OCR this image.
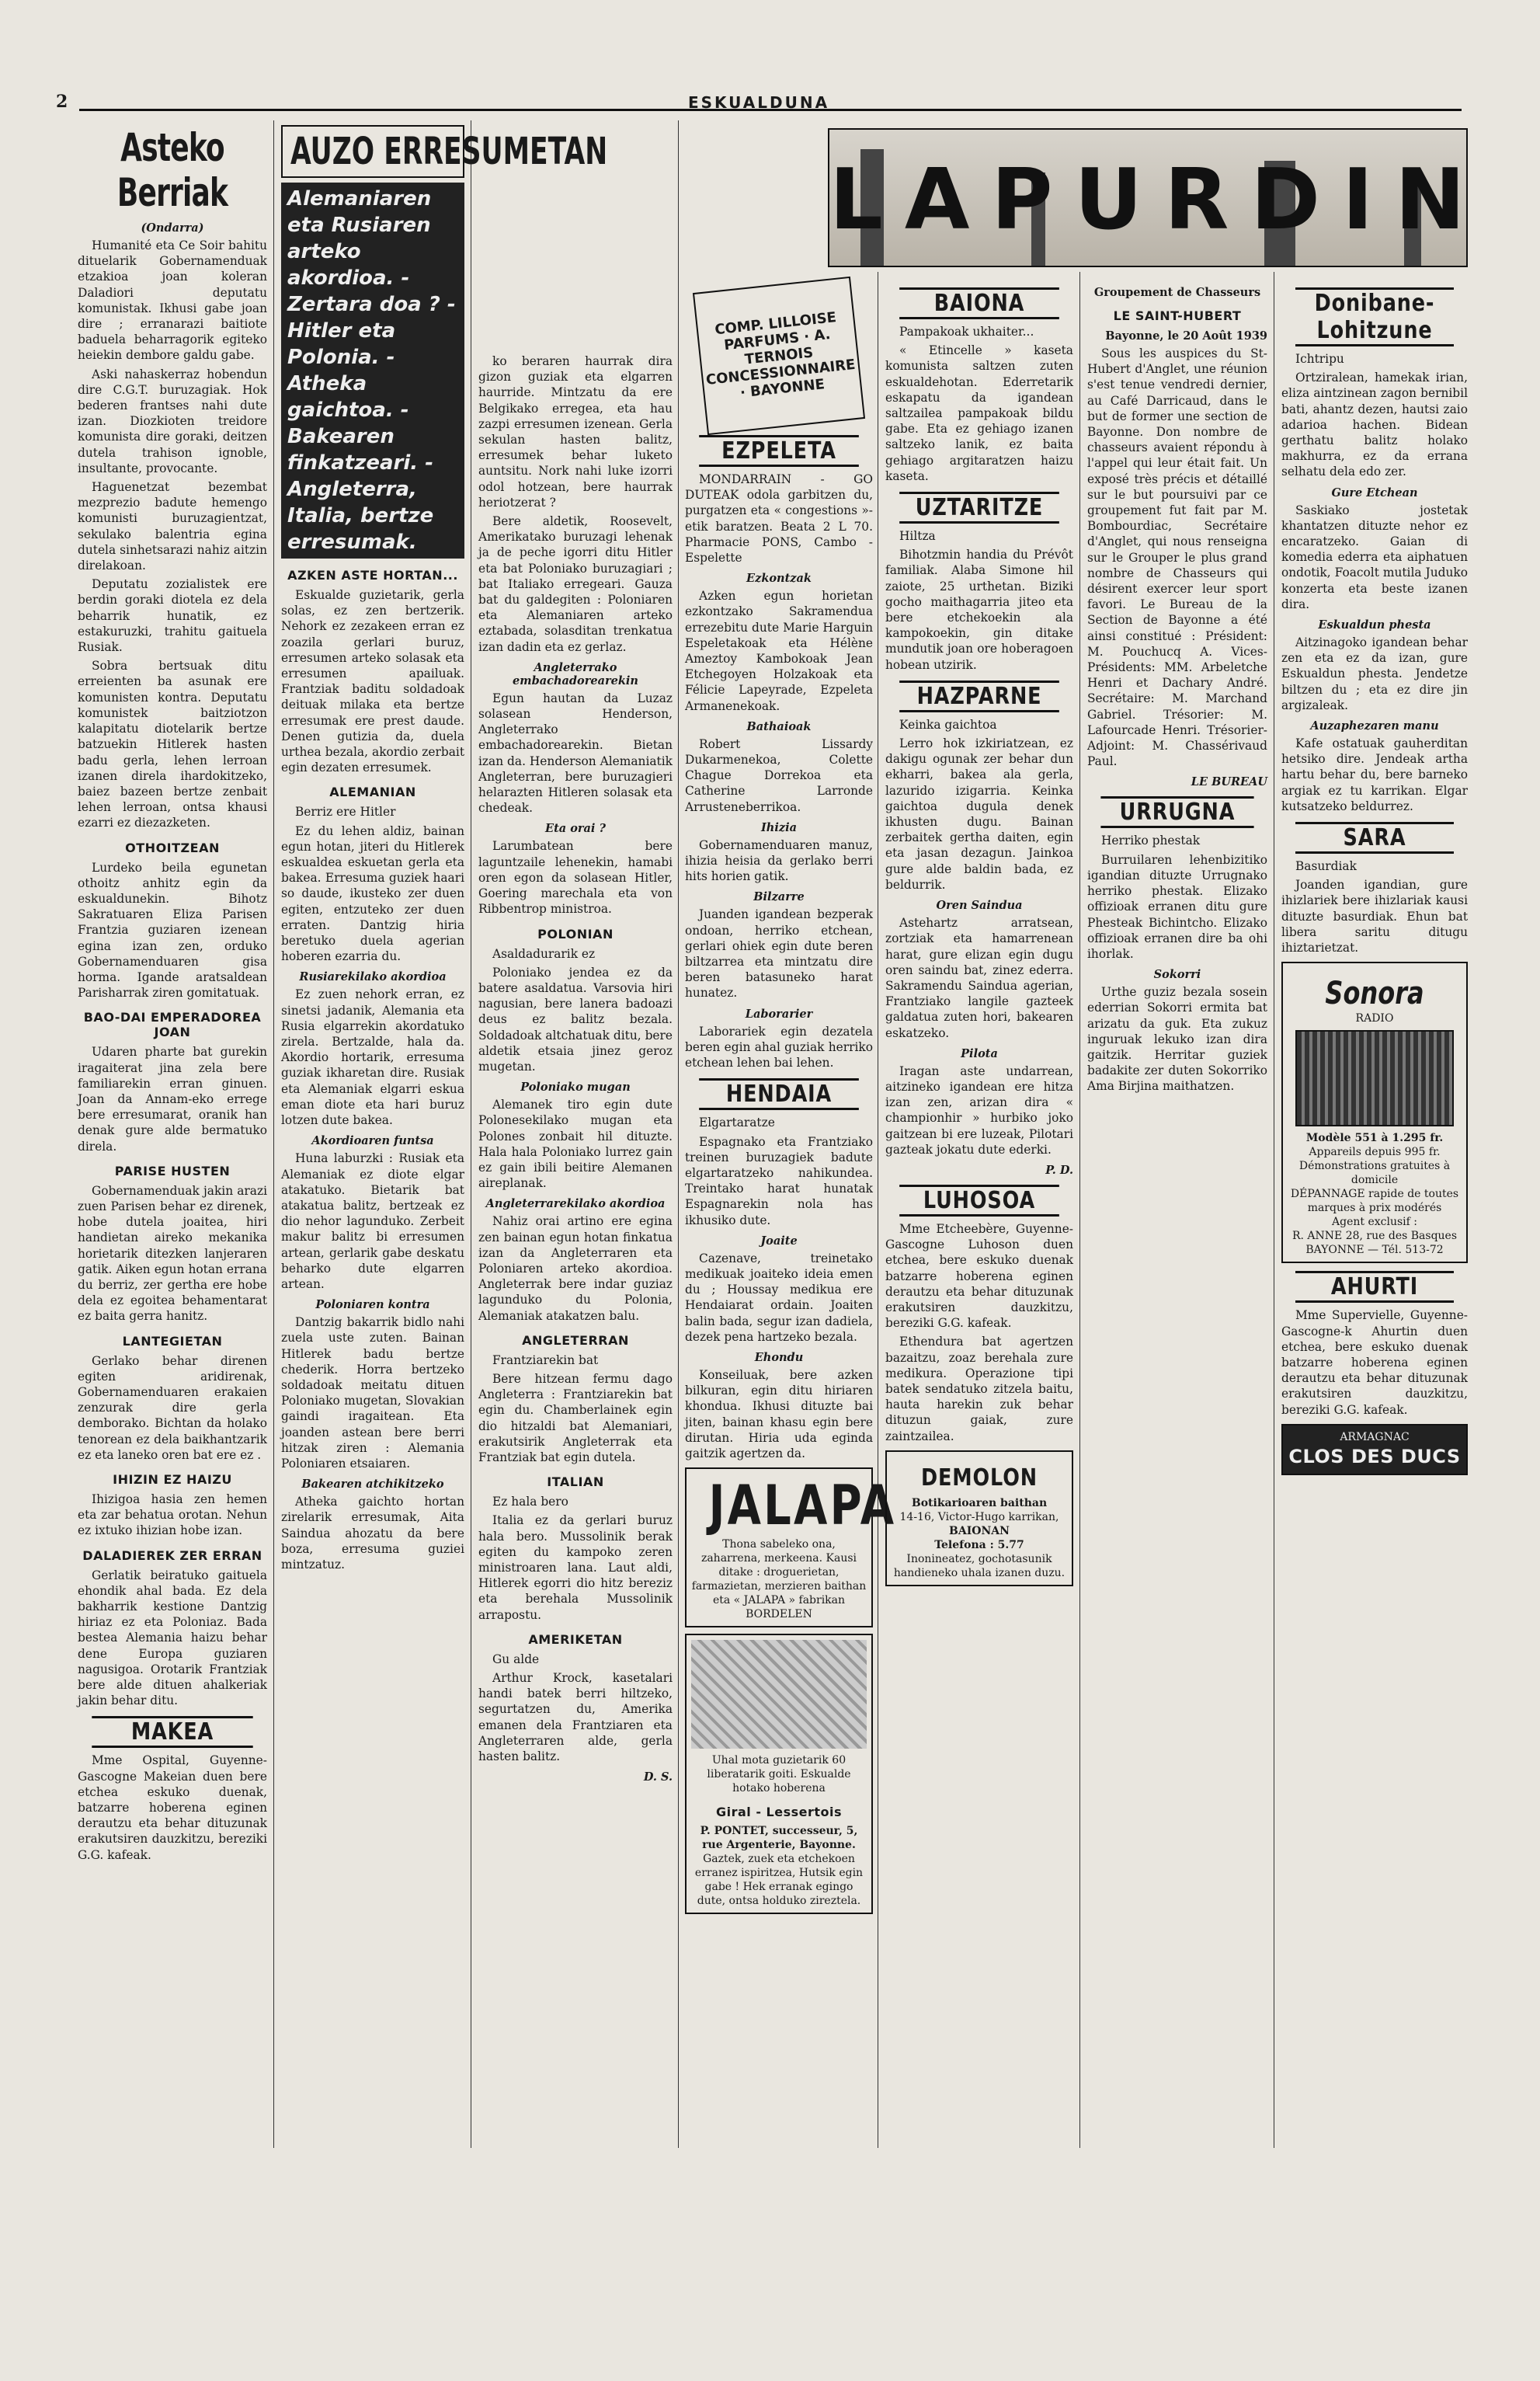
2	ESKUALDUNA
Asteko Berriak
(Ondarra)

Humanité eta Ce Soir bahitu dituelarik Gobernamenduak etzakioa joan koleran Daladiori deputatu komunistak. Ikhusi gabe joan dire ; erranarazi baitiote baduela beharragorik egiteko heiekin dembore galdu gabe.

Aski nahaskerraz hobendun dire C.G.T. buruzagiak. Hok bederen frantses nahi dute izan. Diozkioten treidore komunista dire goraki, deitzen dutela trahison ignoble, insultante, provocante.

Haguenetzat bezembat mezprezio badute hemengo komunisti buruzagientzat, sekulako balentria egina dutela sinhetsarazi nahiz aitzin direlakoan.

Deputatu zozialistek ere berdin goraki diotela ez dela beharrik hunatik, ez estakuruzki, trahitu gaituela Rusiak.

Sobra bertsuak ditu erreienten ba asunak ere komunisten kontra. Deputatu komunistek baitziotzon kalapitatu diotelarik bertze batzuekin Hitlerek hasten badu gerla, lehen lerroan izanen direla ihardokitzeko, baiez bazeen bertze zenbait lehen lerroan, ontsa khausi ezarri ez diezazketen.

OTHOITZEAN

Lurdeko beila egunetan othoitz anhitz egin da eskualdunekin. Bihotz Sakratuaren Eliza Parisen Frantzia guziaren izenean egina izan zen, orduko Gobernamenduaren gisa horma. Igande aratsaldean Parisharrak ziren gomitatuak.

BAO-DAI EMPERADOREA JOAN

Udaren pharte bat gurekin iragaiterat jina zela bere familiarekin erran ginuen. Joan da Annam-eko errege bere erresumarat, oranik han denak gure alde bermatuko direla.

PARISE HUSTEN

Gobernamenduak jakin arazi zuen Parisen behar ez direnek, hobe dutela joaitea, hiri handietan aireko mekanika horietarik ditezken lanjeraren gatik. Aiken egun hotan errana du berriz, zer gertha ere hobe dela ez egoitea behamentarat ez baita gerra hanitz.

LANTEGIETAN

Gerlako behar direnen egiten aridirenak, Gobernamenduaren erakaien zenzurak dire gerla demborako. Bichtan da holako tenorean ez dela baikhantzarik ez eta laneko oren bat ere ez .

IHIZIN EZ HAIZU

Ihizigoa hasia zen hemen eta zar behatua orotan. Nehun ez ixtuko ihizian hobe izan.

DALADIEREK ZER ERRAN

Gerlatik beiratuko gaituela ehondik ahal bada. Ez dela bakharrik kestione Dantzig hiriaz ez eta Poloniaz. Bada bestea Alemania haizu behar dene Europa guziaren nagusigoa. Orotarik Frantziak bere alde dituen ahalkeriak jakin behar ditu.

MAKEA

Mme Ospital, Guyenne-Gascogne Makeian duen bere etchea eskuko duenak, batzarre hoberena eginen derautzu eta behar dituzunak erakutsiren dauzkitzu, bereziki G.G. kafeak.

AUZO ERRESUMETAN
Alemaniaren eta Rusiaren arteko akordioa. - Zertara doa ? - Hitler eta Polonia. - Atheka gaichtoa. - Bakearen finkatzeari. - Angleterra, Italia, bertze erresumak.
AZKEN ASTE HORTAN...

Eskualde guzietarik, gerla solas, ez zen bertzerik. Nehork ez zezakeen erran ez zoazila gerlari buruz, erresumen arteko solasak eta erresumen apailuak. Frantziak baditu soldadoak deituak milaka eta bertze erresumak ere prest daude. Denen gutizia da, duela urthea bezala, akordio zerbait egin dezaten erresumek.

ALEMANIAN

Berriz ere Hitler

Ez du lehen aldiz, bainan egun hotan, jiteri du Hitlerek eskualdea eskuetan gerla eta bakea. Erresuma guziek haari so daude, ikusteko zer duen egiten, entzuteko zer duen erraten. Dantzig hiria beretuko duela agerian hoberen ezarria du.

Rusiarekilako akordioa

Ez zuen nehork erran, ez sinetsi jadanik, Alemania eta Rusia elgarrekin akordatuko zirela. Bertzalde, hala da. Akordio hortarik, erresuma guziak ikharetan dire. Rusiak eta Alemaniak elgarri eskua eman diote eta hari buruz lotzen dute bakea.

Akordioaren funtsa

Huna laburzki : Rusiak eta Alemaniak ez diote elgar atakatuko. Bietarik bat atakatua balitz, bertzeak ez dio nehor lagunduko. Zerbeit makur balitz bi erresumen artean, gerlarik gabe deskatu beharko dute elgarren artean.

Poloniaren kontra

Dantzig bakarrik bidlo nahi zuela uste zuten. Bainan Hitlerek badu bertze chederik. Horra bertzeko soldadoak meitatu dituen Poloniako mugetan, Slovakian gaindi iragaitean. Eta joanden astean bere berri hitzak ziren : Alemania Poloniaren etsaiaren.

Bakearen atchikitzeko

Atheka gaichto hortan zirelarik erresumak, Aita Saindua ahozatu da bere boza, erresuma guziei mintzatuz.

ko beraren haurrak dira gizon guziak eta elgarren haurride. Mintzatu da ere Belgikako erregea, eta hau zazpi erresumen izenean. Gerla sekulan hasten balitz, erresumek behar luketo auntsitu. Nork nahi luke izorri odol hotzean, bere haurrak heriotzerat ?

Bere aldetik, Roosevelt, Amerikatako buruzagi lehenak ja de peche igorri ditu Hitler eta bat Poloniako buruzagiari ; bat Italiako erregeari. Gauza bat du galdegiten : Poloniaren eta Alemaniaren arteko eztabada, solasditan trenkatua izan dadin eta ez gerlaz.

Angleterrako embachadorearekin

Egun hautan da Luzaz solasean Henderson, Angleterrako embachadorearekin. Bietan izan da. Henderson Alemaniatik Angleterran, bere buruzagieri helarazten Hitleren solasak eta chedeak.

Eta orai ?

Larumbatean bere laguntzaile lehenekin, hamabi oren egon da solasean Hitler, Goering marechala eta von Ribbentrop ministroa.

POLONIAN

Asaldadurarik ez

Poloniako jendea ez da batere asaldatua. Varsovia hiri nagusian, bere lanera badoazi deus ez balitz bezala. Soldadoak altchatuak ditu, bere aldetik etsaia jinez geroz mugetan.

Poloniako mugan

Alemanek tiro egin dute Polonesekilako mugan eta Polones zonbait hil dituzte. Hala hala Poloniako lurrez gain ez gain ibili beitire Alemanen aireplanak.

Angleterrarekilako akordioa

Nahiz orai artino ere egina zen bainan egun hotan finkatua izan da Angleterraren eta Poloniaren arteko akordioa. Angleterrak bere indar guziaz lagunduko du Polonia, Alemaniak atakatzen balu.

ANGLETERRAN

Frantziarekin bat

Bere hitzean fermu dago Angleterra : Frantziarekin bat egin du. Chamberlainek egin dio hitzaldi bat Alemaniari, erakutsirik Angleterrak eta Frantziak bat egin dutela.

ITALIAN

Ez hala bero

Italia ez da gerlari buruz hala bero. Mussolinik berak egiten du kampoko zeren ministroaren lana. Laut aldi, Hitlerek egorri dio hitz bereziz eta berehala Mussolinik arrapostu.

AMERIKETAN

Gu alde

Arthur Krock, kasetalari handi batek berri hiltzeko, segurtatzen du, Amerika emanen dela Frantziaren eta Angleterraren alde, gerla hasten balitz.

D. S.
COMP. LILLOISE PARFUMS · A. TERNOIS CONCESSIONNAIRE · BAYONNE
EZPELETA

MONDARRAIN - GO DUTEAK odola garbitzen du, purgatzen eta « congestions »-etik baratzen. Beata 2 L 70. Pharmacie PONS, Cambo - Espelette

Ezkontzak

Azken egun horietan ezkontzako Sakramendua errezebitu dute Marie Harguin Espeletakoak eta Hélène Ameztoy Kambokoak Jean Etchegoyen Holzakoak eta Félicie Lapeyrade, Ezpeleta Armanenekoak.

Bathaioak

Robert Lissardy Dukarmenekoa, Colette Chague Dorrekoa eta Catherine Larronde Arrusteneberrikoa.

Ihizia

Gobernamenduaren manuz, ihizia heisia da gerlako berri hits horien gatik.

Bilzarre

Juanden igandean bezperak ondoan, herriko etchean, gerlari ohiek egin dute beren biltzarrea eta mintzatu dire beren batasuneko harat hunatez.

Laborarier

Laborariek egin dezatela beren egin ahal guziak herriko etchean lehen bai lehen.

HENDAIA

Elgartaratze

Espagnako eta Frantziako treinen buruzagiek badute elgartaratzeko nahikundea. Treintako harat hunatak Espagnarekin nola has ikhusiko dute.

Joaite

Cazenave, treinetako medikuak joaiteko ideia emen du ; Houssay medikua ere Hendaiarat ordain. Joaiten balin bada, segur izan dadiela, dezek pena hartzeko bezala.

Ehondu

Konseiluak, bere azken bilkuran, egin ditu hiriaren khondua. Ikhusi dituzte bai jiten, bainan khasu egin bere dirutan. Hiria uda eginda gaitzik agertzen da.

JALAPA
Thona sabeleko ona, zaharrena, merkeena. Kausi ditake : droguerietan, farmazietan, merzieren baithan eta « JALAPA » fabrikan BORDELEN
Uhal mota guzietarik 60 liberatarik goiti. Eskualde hotako hoberena
Giral - Lessertois
P. PONTET, successeur, 5, rue Argenterie, Bayonne.
Gaztek, zuek eta etchekoen erranez ispiritzea, Hutsik egin gabe ! Hek erranak egingo dute, ontsa holduko zireztela.
LAPURDIN
BAIONA

Pampakoak ukhaiter...

« Etincelle » kaseta komunista saltzen zuten eskualdehotan. Ederretarik eskapatu da igandean saltzailea pampakoak bildu gabe. Eta ez gehiago izanen saltzeko lanik, ez baita gehiago argitaratzen haizu kaseta.

UZTARITZE

Hiltza

Bihotzmin handia du Prévôt familiak. Alaba Simone hil zaiote, 25 urthetan. Biziki gocho maithagarria jiteo eta bere etchekoekin ala kampokoekin, gin ditake mundutik joan ore hoberagoen hobean utzirik.

HAZPARNE

Keinka gaichtoa

Lerro hok izkiriatzean, ez dakigu ogunak zer behar dun ekharri, bakea ala gerla, lazurido izigarria. Keinka gaichtoa dugula denek ikhusten dugu. Bainan zerbaitek gertha daiten, egin eta jasan dezagun. Jainkoa gure alde baldin bada, ez beldurrik.

Oren Saindua

Astehartz arratsean, zortziak eta hamarrenean harat, gure elizan egin dugu oren saindu bat, zinez ederra. Sakramendu Saindua agerian, Frantziako langile gazteek galdatua zuten hori, bakearen eskatzeko.

Pilota

Iragan aste undarrean, aitzineko igandean ere hitza izan zen, arizan dira « championhir » hurbiko joko gaitzean bi ere luzeak, Pilotari gazteak jokatu dute ederki.

P. D.
LUHOSOA

Mme Etcheebère, Guyenne-Gascogne Luhoson duen etchea, bere eskuko duenak batzarre hoberena eginen derautzu eta behar dituzunak erakutsiren dauzkitzu, bereziki G.G. kafeak.

Ethendura bat agertzen bazaitzu, zoaz berehala zure medikura. Operazione tipi batek sendatuko zitzela baitu, hauta harekin zuk behar dituzun gaiak, zure zaintzailea.

DEMOLON
Botikarioaren baithan
14-16, Victor-Hugo karrikan,
BAIONAN
Telefona : 5.77
Inonineatez, gochotasunik handieneko uhala izanen duzu.
Groupement de Chasseurs
LE SAINT-HUBERT
Bayonne, le 20 Août 1939

Sous les auspices du St-Hubert d'Anglet, une réunion s'est tenue vendredi dernier, au Café Darricaud, dans le but de former une section de Bayonne. Don nombre de chasseurs avaient répondu à l'appel qui leur était fait. Un exposé très précis et détaillé sur le but poursuivi par ce groupement fut fait par M. Bombourdiac, Secrétaire d'Anglet, qui nous renseigna sur le Grouper le plus grand nombre de Chasseurs qui désirent exercer leur sport favori. Le Bureau de la Section de Bayonne a été ainsi constitué : Président: M. Pouchucq A. Vices-Présidents: MM. Arbeletche Henri et Dachary André. Secrétaire: M. Marchand Gabriel. Trésorier: M. Lafourcade Henri. Trésorier-Adjoint: M. Chassérivaud Paul.

LE BUREAU
URRUGNA

Herriko phestak

Burruilaren lehenbizitiko igandian dituzte Urrugnako herriko phestak. Elizako offizioak erranen ditu gure Phesteak Bichintcho. Elizako offizioak erranen dire ba ohi ihorlak.

Sokorri

Urthe guziz bezala sosein ederrian Sokorri ermita bat arizatu da guk. Eta zukuz inguruak lekuko izan dira gaitzik. Herritar guziek badakite zer duten Sokorriko Ama Birjina maithatzen.

Donibane-Lohitzune

Ichtripu

Ortziralean, hamekak irian, eliza aintzinean zagon bernibil bati, ahantz dezen, hautsi zaio adarioa hachen. Bidean gerthatu balitz holako makhurra, ez da errana selhatu dela edo zer.

Gure Etchean

Saskiako jostetak khantatzen dituzte nehor ez encaratzeko. Gaian di komedia ederra eta aiphatuen ondotik, Foacolt mutila Juduko konzerta eta beste izanen dira.

Eskualdun phesta

Aitzinagoko igandean behar zen eta ez da izan, gure Eskualdun phesta. Jendetze biltzen du ; eta ez dire jin argizaleak.

Auzaphezaren manu

Kafe ostatuak gauherditan hetsiko dire. Jendeak artha hartu behar du, bere barneko argiak ez tu karrikan. Elgar kutsatzeko beldurrez.

SARA

Basurdiak

Joanden igandian, gure ihizlariek bere ihizlariak kausi dituzte basurdiak. Ehun bat libera saritu ditugu ihiztarietzat.

Sonora
RADIO
Modèle 551 à 1.295 fr.
Appareils depuis 995 fr.
Démonstrations gratuites à domicile
DÉPANNAGE rapide de toutes
marques à prix modérés
Agent exclusif :
R. ANNE 28, rue des Basques
BAYONNE — Tél. 513-72
AHURTI

Mme Supervielle, Guyenne-Gascogne-k Ahurtin duen etchea, bere eskuko duenak batzarre hoberena eginen derautzu eta behar dituzunak erakutsiren dauzkitzu, bereziki G.G. kafeak.

ARMAGNAC
CLOS DES DUCS
